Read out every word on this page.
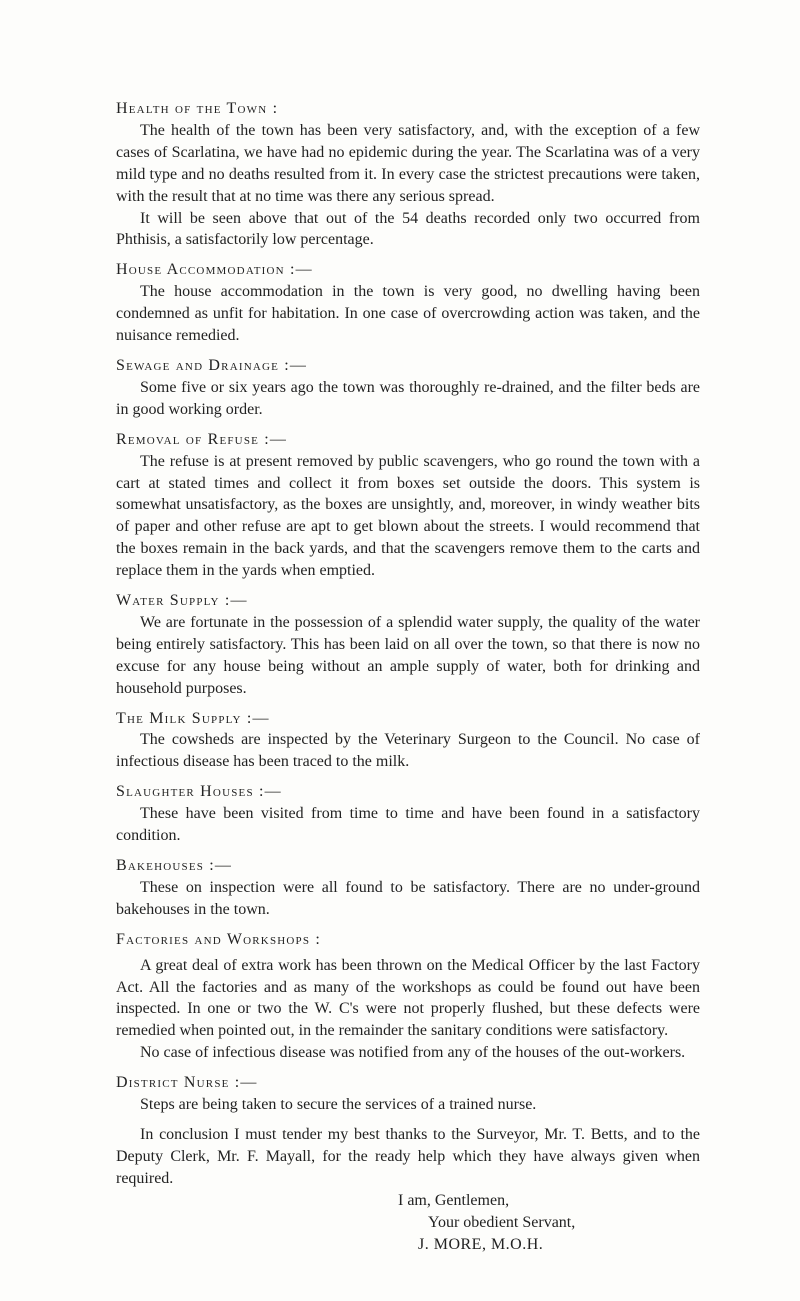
Health of the Town :

The health of the town has been very satisfactory, and, with the exception of a few cases of Scarlatina, we have had no epidemic during the year. The Scarlatina was of a very mild type and no deaths resulted from it. In every case the strictest precautions were taken, with the result that at no time was there any serious spread.

It will be seen above that out of the 54 deaths recorded only two occurred from Phthisis, a satisfactorily low percentage.

House Accommodation :—

The house accommodation in the town is very good, no dwelling having been condemned as unfit for habitation. In one case of overcrowding action was taken, and the nuisance remedied.

Sewage and Drainage :—

Some five or six years ago the town was thoroughly re-drained, and the filter beds are in good working order.

Removal of Refuse :—

The refuse is at present removed by public scavengers, who go round the town with a cart at stated times and collect it from boxes set outside the doors. This system is somewhat unsatisfactory, as the boxes are unsightly, and, moreover, in windy weather bits of paper and other refuse are apt to get blown about the streets. I would recommend that the boxes remain in the back yards, and that the scavengers remove them to the carts and replace them in the yards when emptied.

Water Supply :—

We are fortunate in the possession of a splendid water supply, the quality of the water being entirely satisfactory. This has been laid on all over the town, so that there is now no excuse for any house being without an ample supply of water, both for drinking and household purposes.

The Milk Supply :—

The cowsheds are inspected by the Veterinary Surgeon to the Council. No case of infectious disease has been traced to the milk.

Slaughter Houses :—

These have been visited from time to time and have been found in a satisfactory condition.

Bakehouses :—

These on inspection were all found to be satisfactory. There are no under-ground bakehouses in the town.

Factories and Workshops :

A great deal of extra work has been thrown on the Medical Officer by the last Factory Act. All the factories and as many of the workshops as could be found out have been inspected. In one or two the W. C's were not properly flushed, but these defects were remedied when pointed out, in the remainder the sanitary conditions were satisfactory.

No case of infectious disease was notified from any of the houses of the out-workers.

District Nurse :—

Steps are being taken to secure the services of a trained nurse.

In conclusion I must tender my best thanks to the Surveyor, Mr. T. Betts, and to the Deputy Clerk, Mr. F. Mayall, for the ready help which they have always given when required.

I am, Gentlemen,

Your obedient Servant,

J. MORE, M.O.H.
